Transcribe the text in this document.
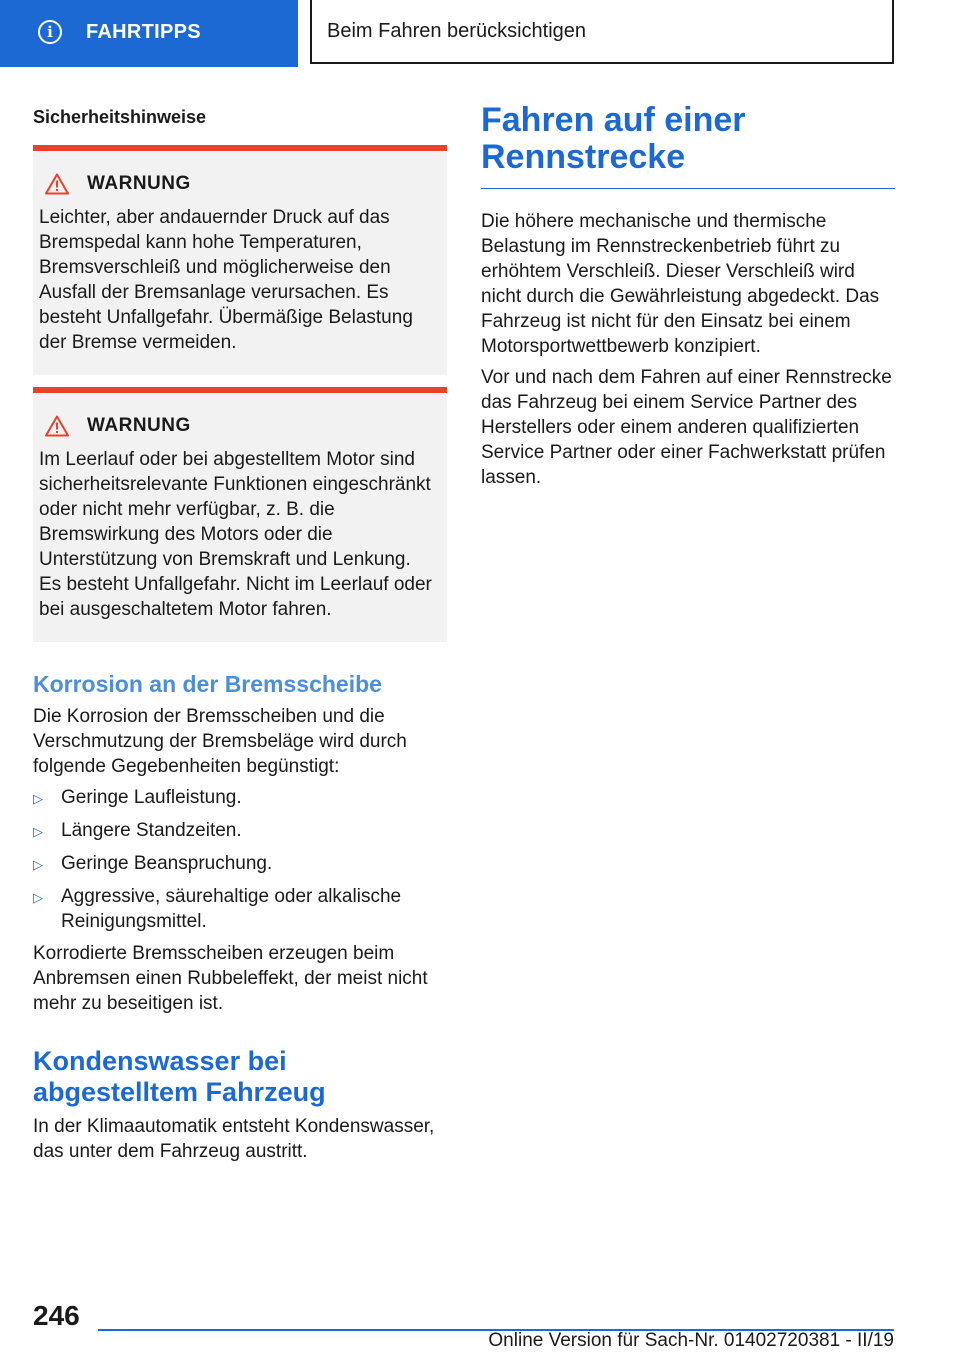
i	FAHRTIPPS	Beim Fahren berücksichtigen

Sicherheitshinweise

WARNUNG

Leichter, aber andauernder Druck auf das Bremspedal kann hohe Temperaturen, Bremsverschleiß und möglicherweise den Ausfall der Bremsanlage verursachen. Es besteht Unfallgefahr. Übermäßige Belastung der Bremse vermeiden.

WARNUNG

Im Leerlauf oder bei abgestelltem Motor sind sicherheitsrelevante Funktionen eingeschränkt oder nicht mehr verfügbar, z. B. die Bremswirkung des Motors oder die Unterstützung von Bremskraft und Lenkung. Es besteht Unfallgefahr. Nicht im Leerlauf oder bei ausgeschaltetem Motor fahren.

Korrosion an der Bremsscheibe

Die Korrosion der Bremsscheiben und die Verschmutzung der Bremsbeläge wird durch folgende Gegebenheiten begünstigt:

▷ Geringe Laufleistung.
▷ Längere Standzeiten.
▷ Geringe Beanspruchung.
▷ Aggressive, säurehaltige oder alkalische Reinigungsmittel.

Korrodierte Bremsscheiben erzeugen beim Anbremsen einen Rubbeleffekt, der meist nicht mehr zu beseitigen ist.

Kondenswasser bei abgestelltem Fahrzeug

In der Klimaautomatik entsteht Kondenswasser, das unter dem Fahrzeug austritt.

Fahren auf einer Rennstrecke

Die höhere mechanische und thermische Belastung im Rennstreckenbetrieb führt zu erhöhtem Verschleiß. Dieser Verschleiß wird nicht durch die Gewährleistung abgedeckt. Das Fahrzeug ist nicht für den Einsatz bei einem Motorsportwettbewerb konzipiert.

Vor und nach dem Fahren auf einer Rennstrecke das Fahrzeug bei einem Service Partner des Herstellers oder einem anderen qualifizierten Service Partner oder einer Fachwerkstatt prüfen lassen.

246
Online Version für Sach-Nr. 01402720381 - II/19
